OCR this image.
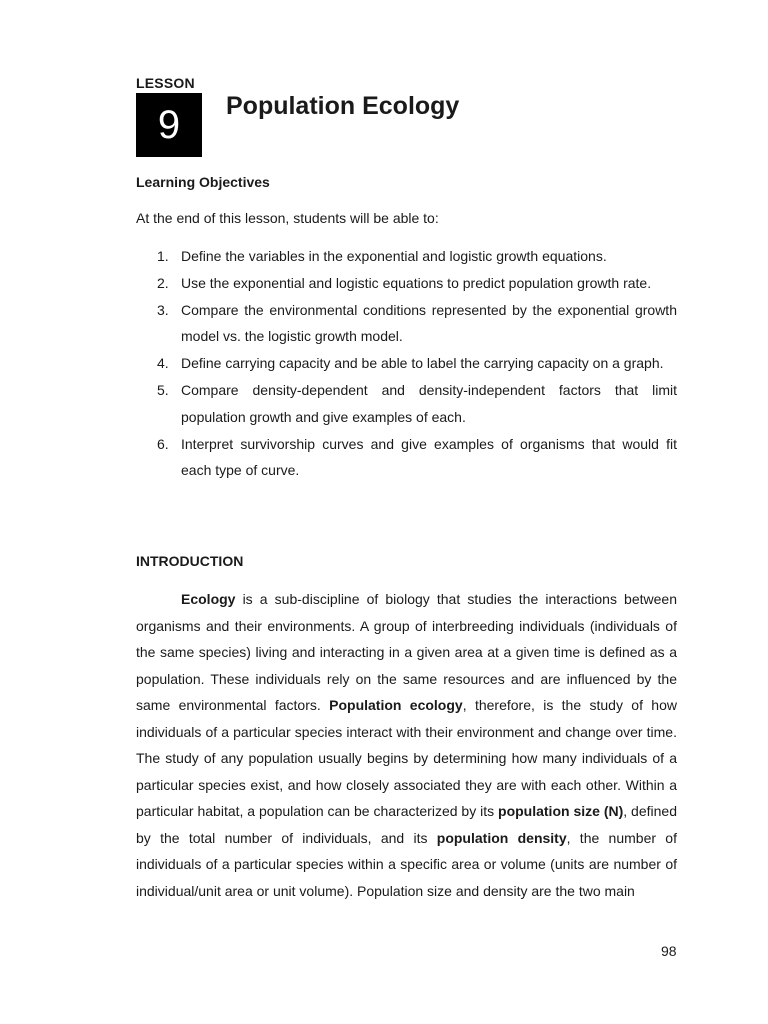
LESSON
9	Population Ecology
Learning Objectives

At the end of this lesson, students will be able to:

1. Define the variables in the exponential and logistic growth equations.
2. Use the exponential and logistic equations to predict population growth rate.
3. Compare the environmental conditions represented by the exponential growth model vs. the logistic growth model.
4. Define carrying capacity and be able to label the carrying capacity on a graph.
5. Compare density-dependent and density-independent factors that limit population growth and give examples of each.
6. Interpret survivorship curves and give examples of organisms that would fit each type of curve.
INTRODUCTION

Ecology is a sub-discipline of biology that studies the interactions between organisms and their environments. A group of interbreeding individuals (individuals of the same species) living and interacting in a given area at a given time is defined as a population. These individuals rely on the same resources and are influenced by the same environmental factors. Population ecology, therefore, is the study of how individuals of a particular species interact with their environment and change over time. The study of any population usually begins by determining how many individuals of a particular species exist, and how closely associated they are with each other. Within a particular habitat, a population can be characterized by its population size (N), defined by the total number of individuals, and its population density, the number of individuals of a particular species within a specific area or volume (units are number of individual/unit area or unit volume). Population size and density are the two main

98
